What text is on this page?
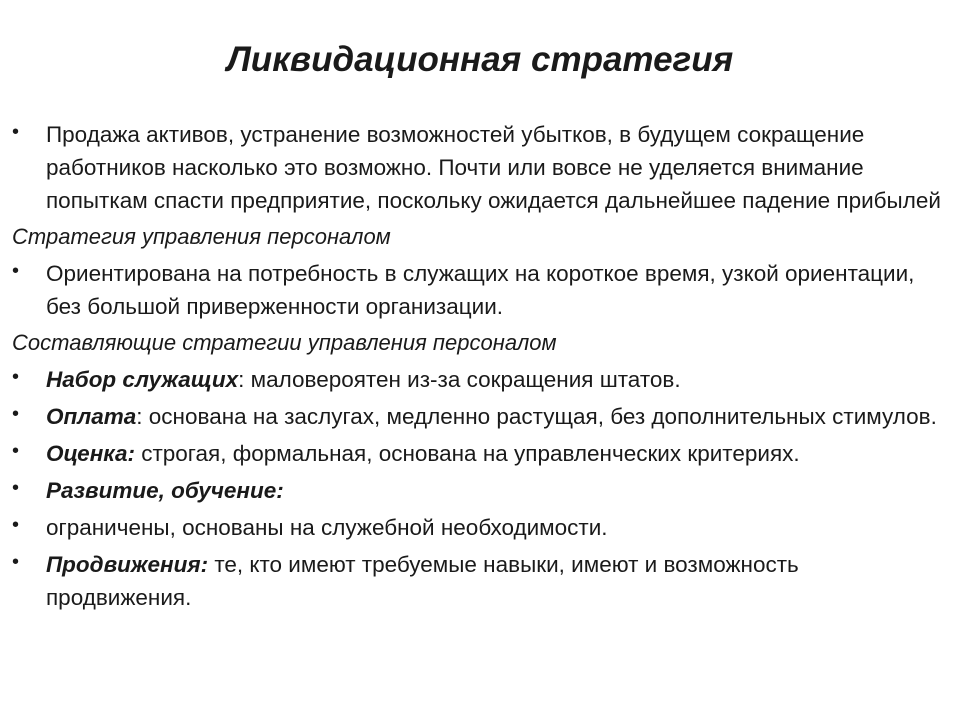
Ликвидационная стратегия
• Продажа активов, устранение возможностей убытков, в будущем сокращение работников насколько это возможно. Почти или вовсе не уделяется внимание попыткам спасти предприятие, поскольку ожидается дальнейшее падение прибылей
Стратегия управления персоналом
• Ориентирована на потребность в служащих на короткое время, узкой ориентации, без большой приверженности организации.
Составляющие стратегии управления персоналом
• Набор служащих: маловероятен из-за сокращения штатов.
• Оплата: основана на заслугах, медленно растущая, без дополнительных стимулов.
• Оценка: строгая, формальная, основана на управленческих критериях.
• Развитие, обучение:
• ограничены, основаны на служебной необходимости.
• Продвижения: те, кто имеют требуемые навыки, имеют и возможность продвижения.
